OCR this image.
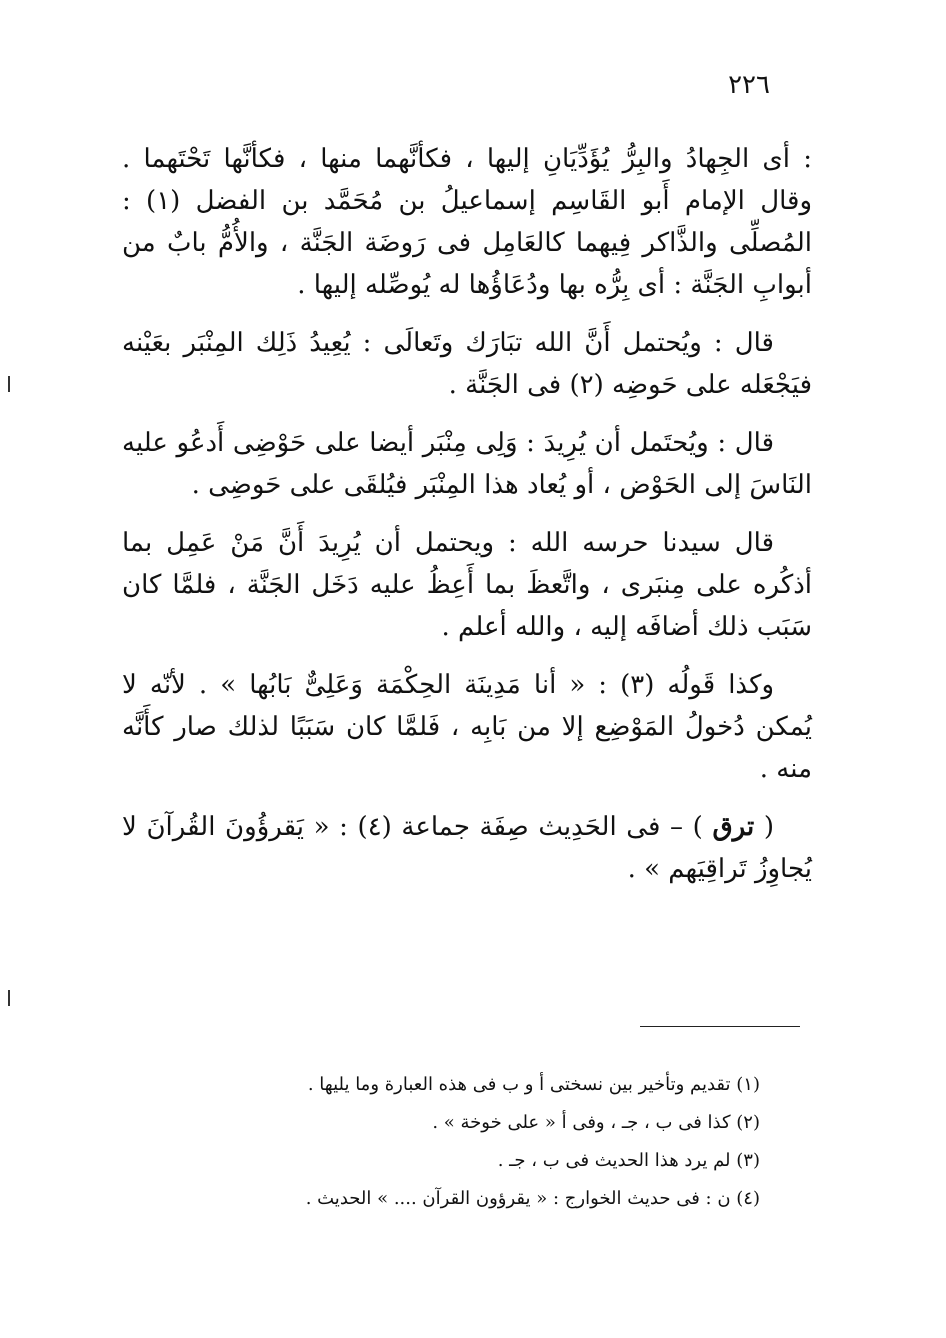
٢٢٦

: أى الجِهادُ والبِرُّ يُؤَدِّيَانِ إليها ، فكأنَّهما منها ، فكأنَّها تَحْتَهما . وقال الإمام أَبو القَاسِم إسماعيلُ بن مُحَمَّد بن الفضل (١) : المُصلِّى والذَّاكر فِيهما كالعَامِل فى رَوضَة الجَنَّة ، والأُمُّ بابٌ من أبوابِ الجَنَّة : أى بِرُّه بها ودُعَاؤُها له يُوصِّله إليها .

قال : ويُحتمل أَنَّ الله تبَارَك وتَعالَى : يُعِيدُ ذَلِك المِنْبَر بعَيْنه فيَجْعَله على حَوضِه (٢) فى الجَنَّة .

قال : ويُحتَمل أن يُرِيدَ : وَلِى مِنْبَر أيضا على حَوْضِى أَدعُو عليه النَاسَ إلى الحَوْض ، أو يُعاد هذا المِنْبَر فيُلقَى على حَوضِى .

قال سيدنا حرسه الله : ويحتمل أن يُرِيدَ أَنَّ مَنْ عَمِل بما أذكُره على مِنبَرى ، واتَّعظَ بما أَعِظُ عليه دَخَل الجَنَّة ، فلمَّا كان سَبَب ذلك أضافَه إليه ، والله أعلم .

وكذا قَولُه (٣) : « أنا مَدِينَة الحِكْمَة وَعَلِىٌّ بَابُها » . لأنّه لا يُمكن دُخولُ المَوْضِع إلا من بَابِه ، فَلمَّا كان سَبَبًا لذلك صار كأَنَّه منه .

( ترق ) – فى الحَدِيث صِفَة جماعة (٤) : « يَقرؤُونَ القُرآنَ لا يُجاوِزُ تَراقِيَهم » .

(١) تقديم وتأخير بين نسختى أ و ب فى هذه العبارة وما يليها .
(٢) كذا فى ب ، جـ ، وفى أ « على خوخة » .
(٣) لم يرد هذا الحديث فى ب ، جـ .
(٤) ن : فى حديث الخوارج : « يقرؤون القرآن .... » الحديث .
